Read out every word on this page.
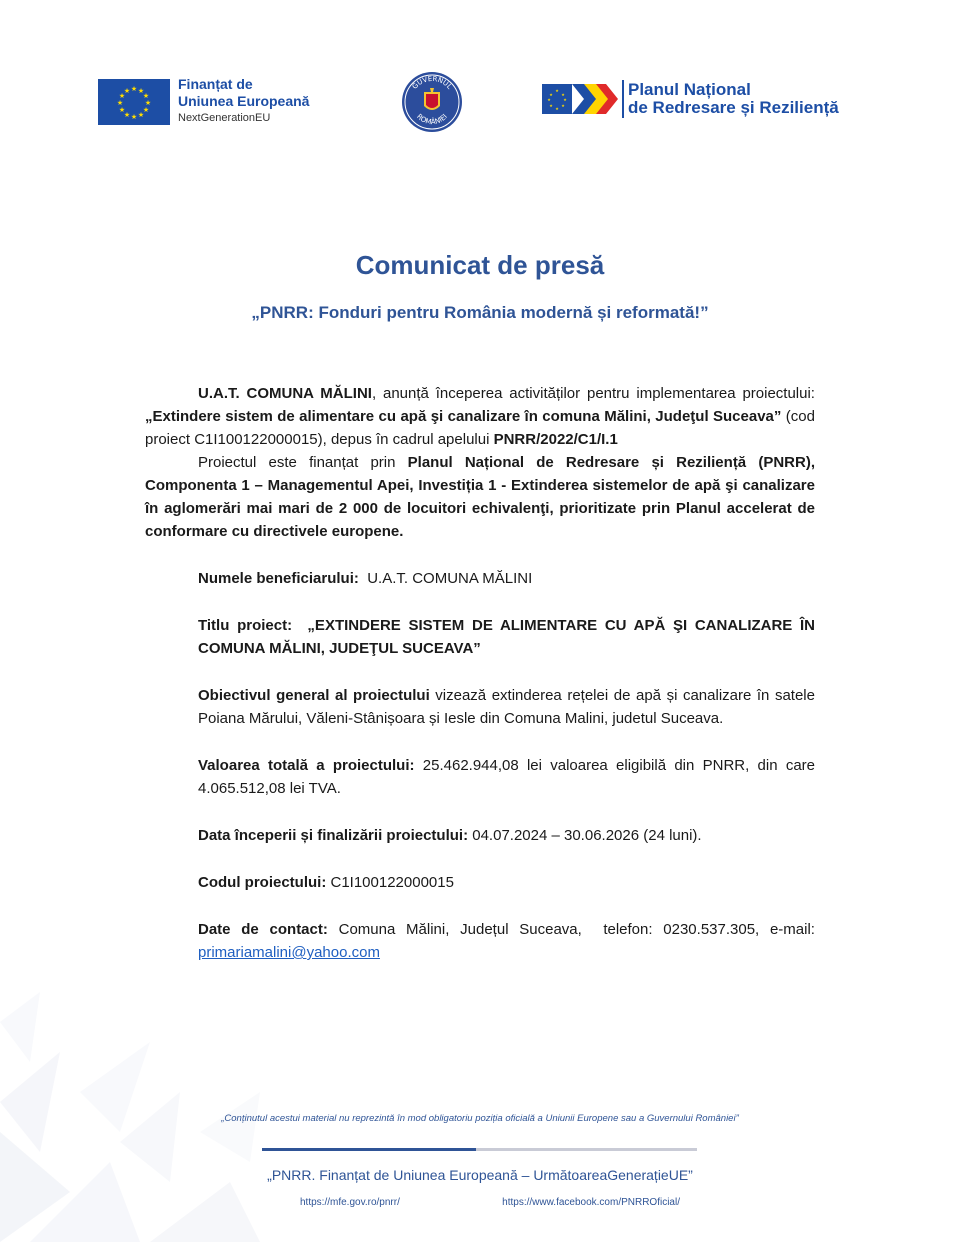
★ ★
★
★
★
★
★
★
★
★
★
★	Finanțat de
Uniunea Europeană
NextGenerationEU
GUVERNUL
ROMÂNIEI
★
★
★
★
★
★
★
★	Planul Național
de Redresare și Reziliență
Comunicat de presă
„PNRR: Fonduri pentru România modernă și reformată!”

U.A.T. COMUNA MĂLINI, anunță începerea activităților pentru implementarea proiectului: „Extindere sistem de alimentare cu apă şi canalizare în comuna Mălini, Judeţul Suceava” (cod proiect C1I100122000015), depus în cadrul apelului PNRR/2022/C1/I.1

Proiectul este finanțat prin Planul Național de Redresare și Reziliență (PNRR), Componenta 1 – Managementul Apei, Investiția 1 - Extinderea sistemelor de apă şi canalizare în aglomerări mai mari de 2 000 de locuitori echivalenţi, prioritizate prin Planul accelerat de conformare cu directivele europene.

Numele beneficiarului:  U.A.T. COMUNA MĂLINI
Titlu proiect:  „EXTINDERE SISTEM DE ALIMENTARE CU APĂ ŞI CANALIZARE ÎN COMUNA MĂLINI, JUDEŢUL SUCEAVA”
Obiectivul general al proiectului vizează extinderea rețelei de apă și canalizare în satele Poiana Mărului, Văleni-Stânișoara și Iesle din Comuna Malini, judetul Suceava.
Valoarea totală a proiectului: 25.462.944,08 lei valoarea eligibilă din PNRR, din care 4.065.512,08 lei TVA.
Data începerii și finalizării proiectului: 04.07.2024 – 30.06.2026 (24 luni).
Codul proiectului: C1I100122000015
Date de contact: Comuna Mălini, Județul Suceava,  telefon: 0230.537.305, e-mail: primariamalini@yahoo.com
„Conținutul acestui material nu reprezintă în mod obligatoriu poziția oficială a Uniunii Europene sau a Guvernului României”
„PNRR. Finanțat de Uniunea Europeană – UrmătoareaGenerațieUE”
https://mfe.gov.ro/pnrr/	https://www.facebook.com/PNRROficial/
